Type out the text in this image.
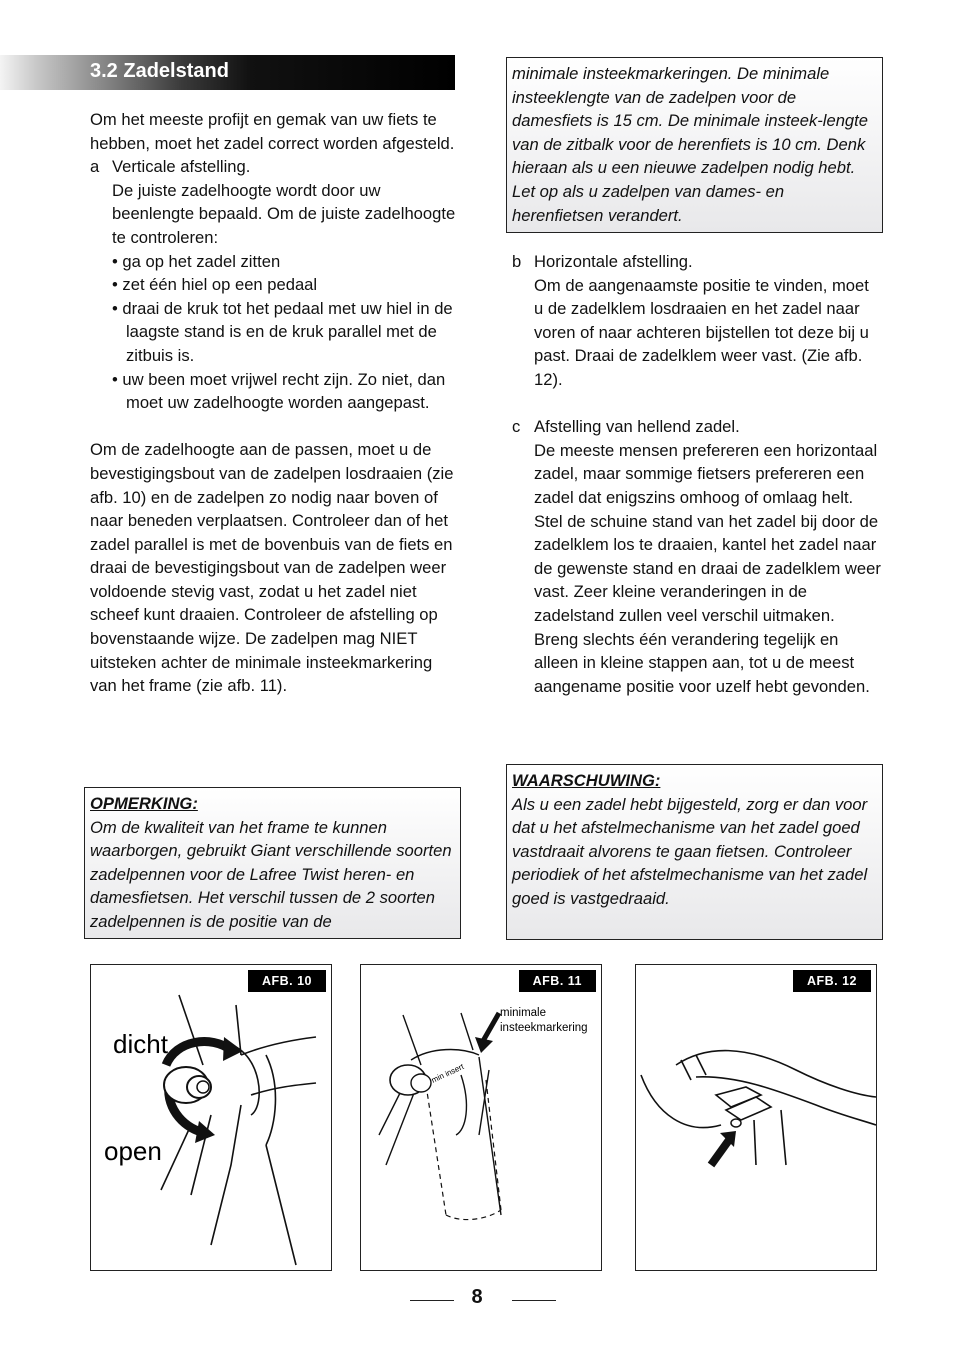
3.2 Zadelstand

Om het meeste profijt en gemak van uw fiets te hebben, moet het zadel correct worden afgesteld.

a Verticale afstelling.

De juiste zadelhoogte wordt door uw beenlengte bepaald. Om de juiste zadelhoogte te controleren:

• ga op het zadel zitten

• zet één hiel op een pedaal

• draai de kruk tot het pedaal met uw hiel in de laagste stand is en de kruk parallel met de zitbuis is.

• uw been moet vrijwel recht zijn. Zo niet, dan moet uw zadelhoogte worden aangepast.

Om de zadelhoogte aan de passen, moet u de bevestigingsbout van de zadelpen losdraaien (zie afb. 10) en de zadelpen zo nodig naar boven of naar beneden verplaatsen. Controleer dan of het zadel parallel is met de bovenbuis van de fiets en draai de bevestigingsbout van de zadelpen weer voldoende stevig vast, zodat u het zadel niet scheef kunt draaien. Controleer de afstelling op bovenstaande wijze. De zadelpen mag NIET uitsteken achter de minimale insteekmarkering van het frame (zie afb. 11).

OPMERKING:
Om de kwaliteit van het frame te kunnen waarborgen, gebruikt Giant verschillende soorten zadelpennen voor de Lafree Twist heren- en damesfietsen. Het verschil tussen de 2 soorten zadelpennen is de positie van de
minimale insteekmarkeringen. De minimale insteeklengte van de zadelpen voor de damesfiets is 15 cm. De minimale insteek-lengte van de zitbalk voor de herenfiets is 10 cm. Denk hieraan als u een nieuwe zadelpen nodig hebt. Let op als u zadelpen van dames- en herenfietsen verandert.

b Horizontale afstelling.

Om de aangenaamste positie te vinden, moet u de zadelklem losdraaien en het zadel naar voren of naar achteren bijstellen tot deze bij u past. Draai de zadelklem weer vast. (Zie afb. 12).

c Afstelling van hellend zadel.

De meeste mensen prefereren een horizontaal zadel, maar sommige fietsers prefereren een zadel dat enigszins omhoog of omlaag helt. Stel de schuine stand van het zadel bij door de zadelklem los te draaien, kantel het zadel naar de gewenste stand en draai de zadelklem weer vast. Zeer kleine veranderingen in de zadelstand zullen veel verschil uitmaken. Breng slechts één verandering tegelijk en alleen in kleine stappen aan, tot u de meest aangename positie voor uzelf hebt gevonden.

WAARSCHUWING:
Als u een zadel hebt bijgesteld, zorg er dan voor dat u het afstelmechanisme van het zadel goed vastdraait alvorens te gaan fietsen. Controleer periodiek of het afstelmechanisme van het zadel goed is vastgedraaid.
AFB. 10
dicht
open
AFB. 11
min insert
minimale
insteekmarkering
AFB. 12
8
